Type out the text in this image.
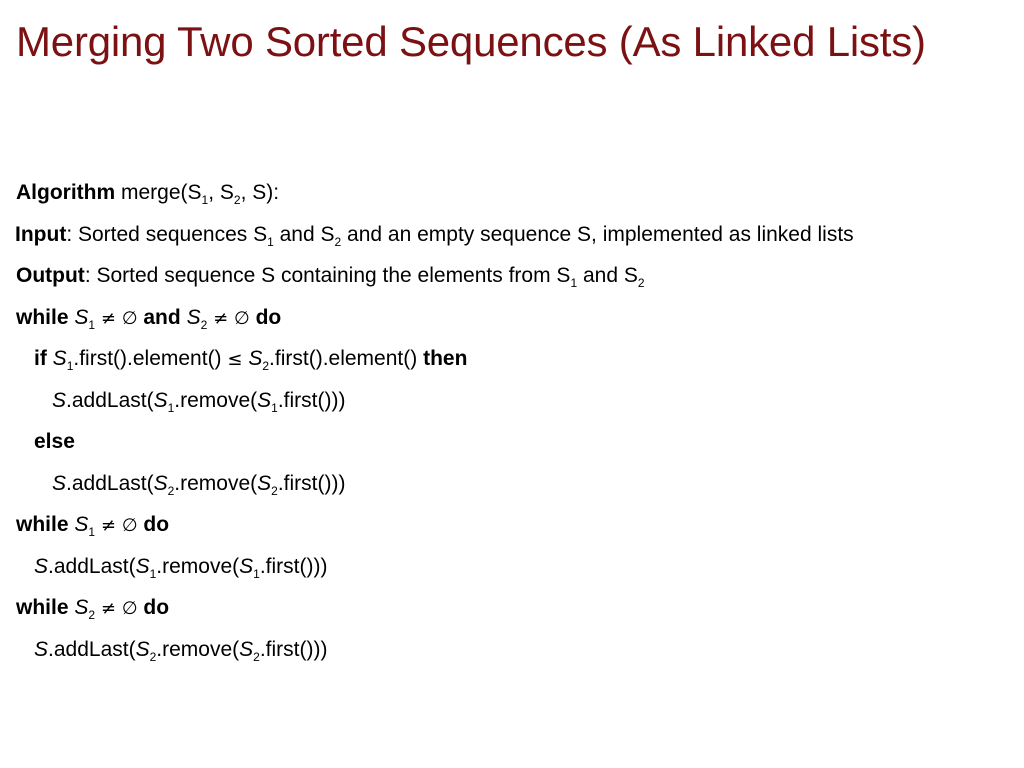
Merging Two Sorted Sequences (As Linked Lists)
Algorithm $merge(S_1$, $S_2$, S):
Input: Sorted sequences $S_1$ and $S_2$ and an empty sequence S, implemented as linked lists
Output: Sorted sequence S containing the elements from $S_1$ and $S_2$
while $S_1$ ≠ ∅ and $S_2$ ≠ ∅ do
if $S_1.first().element()$ ≤ $S_2.first().element()$ then
$S.addLast(S_1.remove(S_1.first()))$
else
$S.addLast(S_2.remove(S_2.first()))$
while $S_1$ ≠ ∅ do
$S.addLast(S_1.remove(S_1.first()))$
while $S_2$ ≠ ∅ do
$S.addLast(S_2.remove(S_2.first()))$
